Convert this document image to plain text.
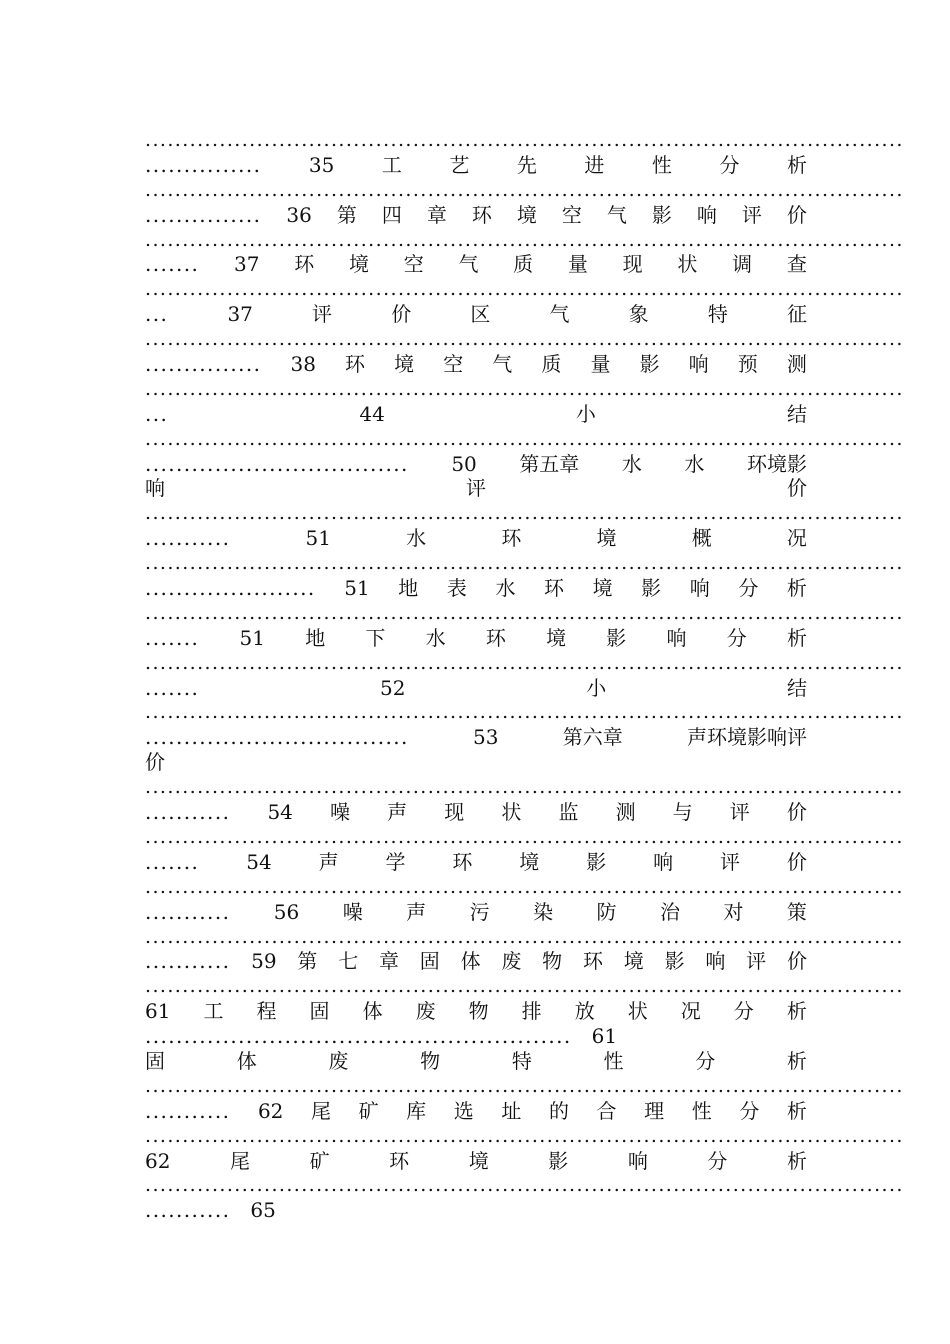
......................................................................................................
............... 35 工 艺 先 进 性 分 析
......................................................................................................
............... 36 第 四 章 环 境 空 气 影 响 评 价
......................................................................................................
....... 37 环 境 空 气 质 量 现 状 调 查
......................................................................................................
...	37	评	价	区	气	象	特	征
......................................................................................................
............... 38 环 境 空 气 质 量 影 响 预 测
......................................................................................................
...	44	小	结
......................................................................................................
.................................. 50 第五章 水 水 环境影
响	评	价
......................................................................................................
...........	51	水	环	境	概	况
......................................................................................................
...................... 51 地 表 水 环 境 影 响 分 析
......................................................................................................
....... 51 地 下 水 环 境 影 响 分 析
......................................................................................................
.......	52	小	结
......................................................................................................
..................................	53	第六章	声环境影响评
价
......................................................................................................
........... 54 噪 声 现 状 监 测 与 评 价
......................................................................................................
....... 54 声 学 环 境 影 响 评 价
......................................................................................................
........... 56 噪 声 污 染 防 治 对 策
......................................................................................................
........... 59 第 七 章 固 体 废 物 环 境 影 响 评 价
......................................................................................................
61 工 程 固 体 废 物 排 放 状 况 分 析
....................................................... 61
固	体	废	物	特	性	分	析
......................................................................................................
........... 62 尾 矿 库 选 址 的 合 理 性 分 析
......................................................................................................
62	尾	矿	环	境	影	响	分	析
......................................................................................................
........... 65
